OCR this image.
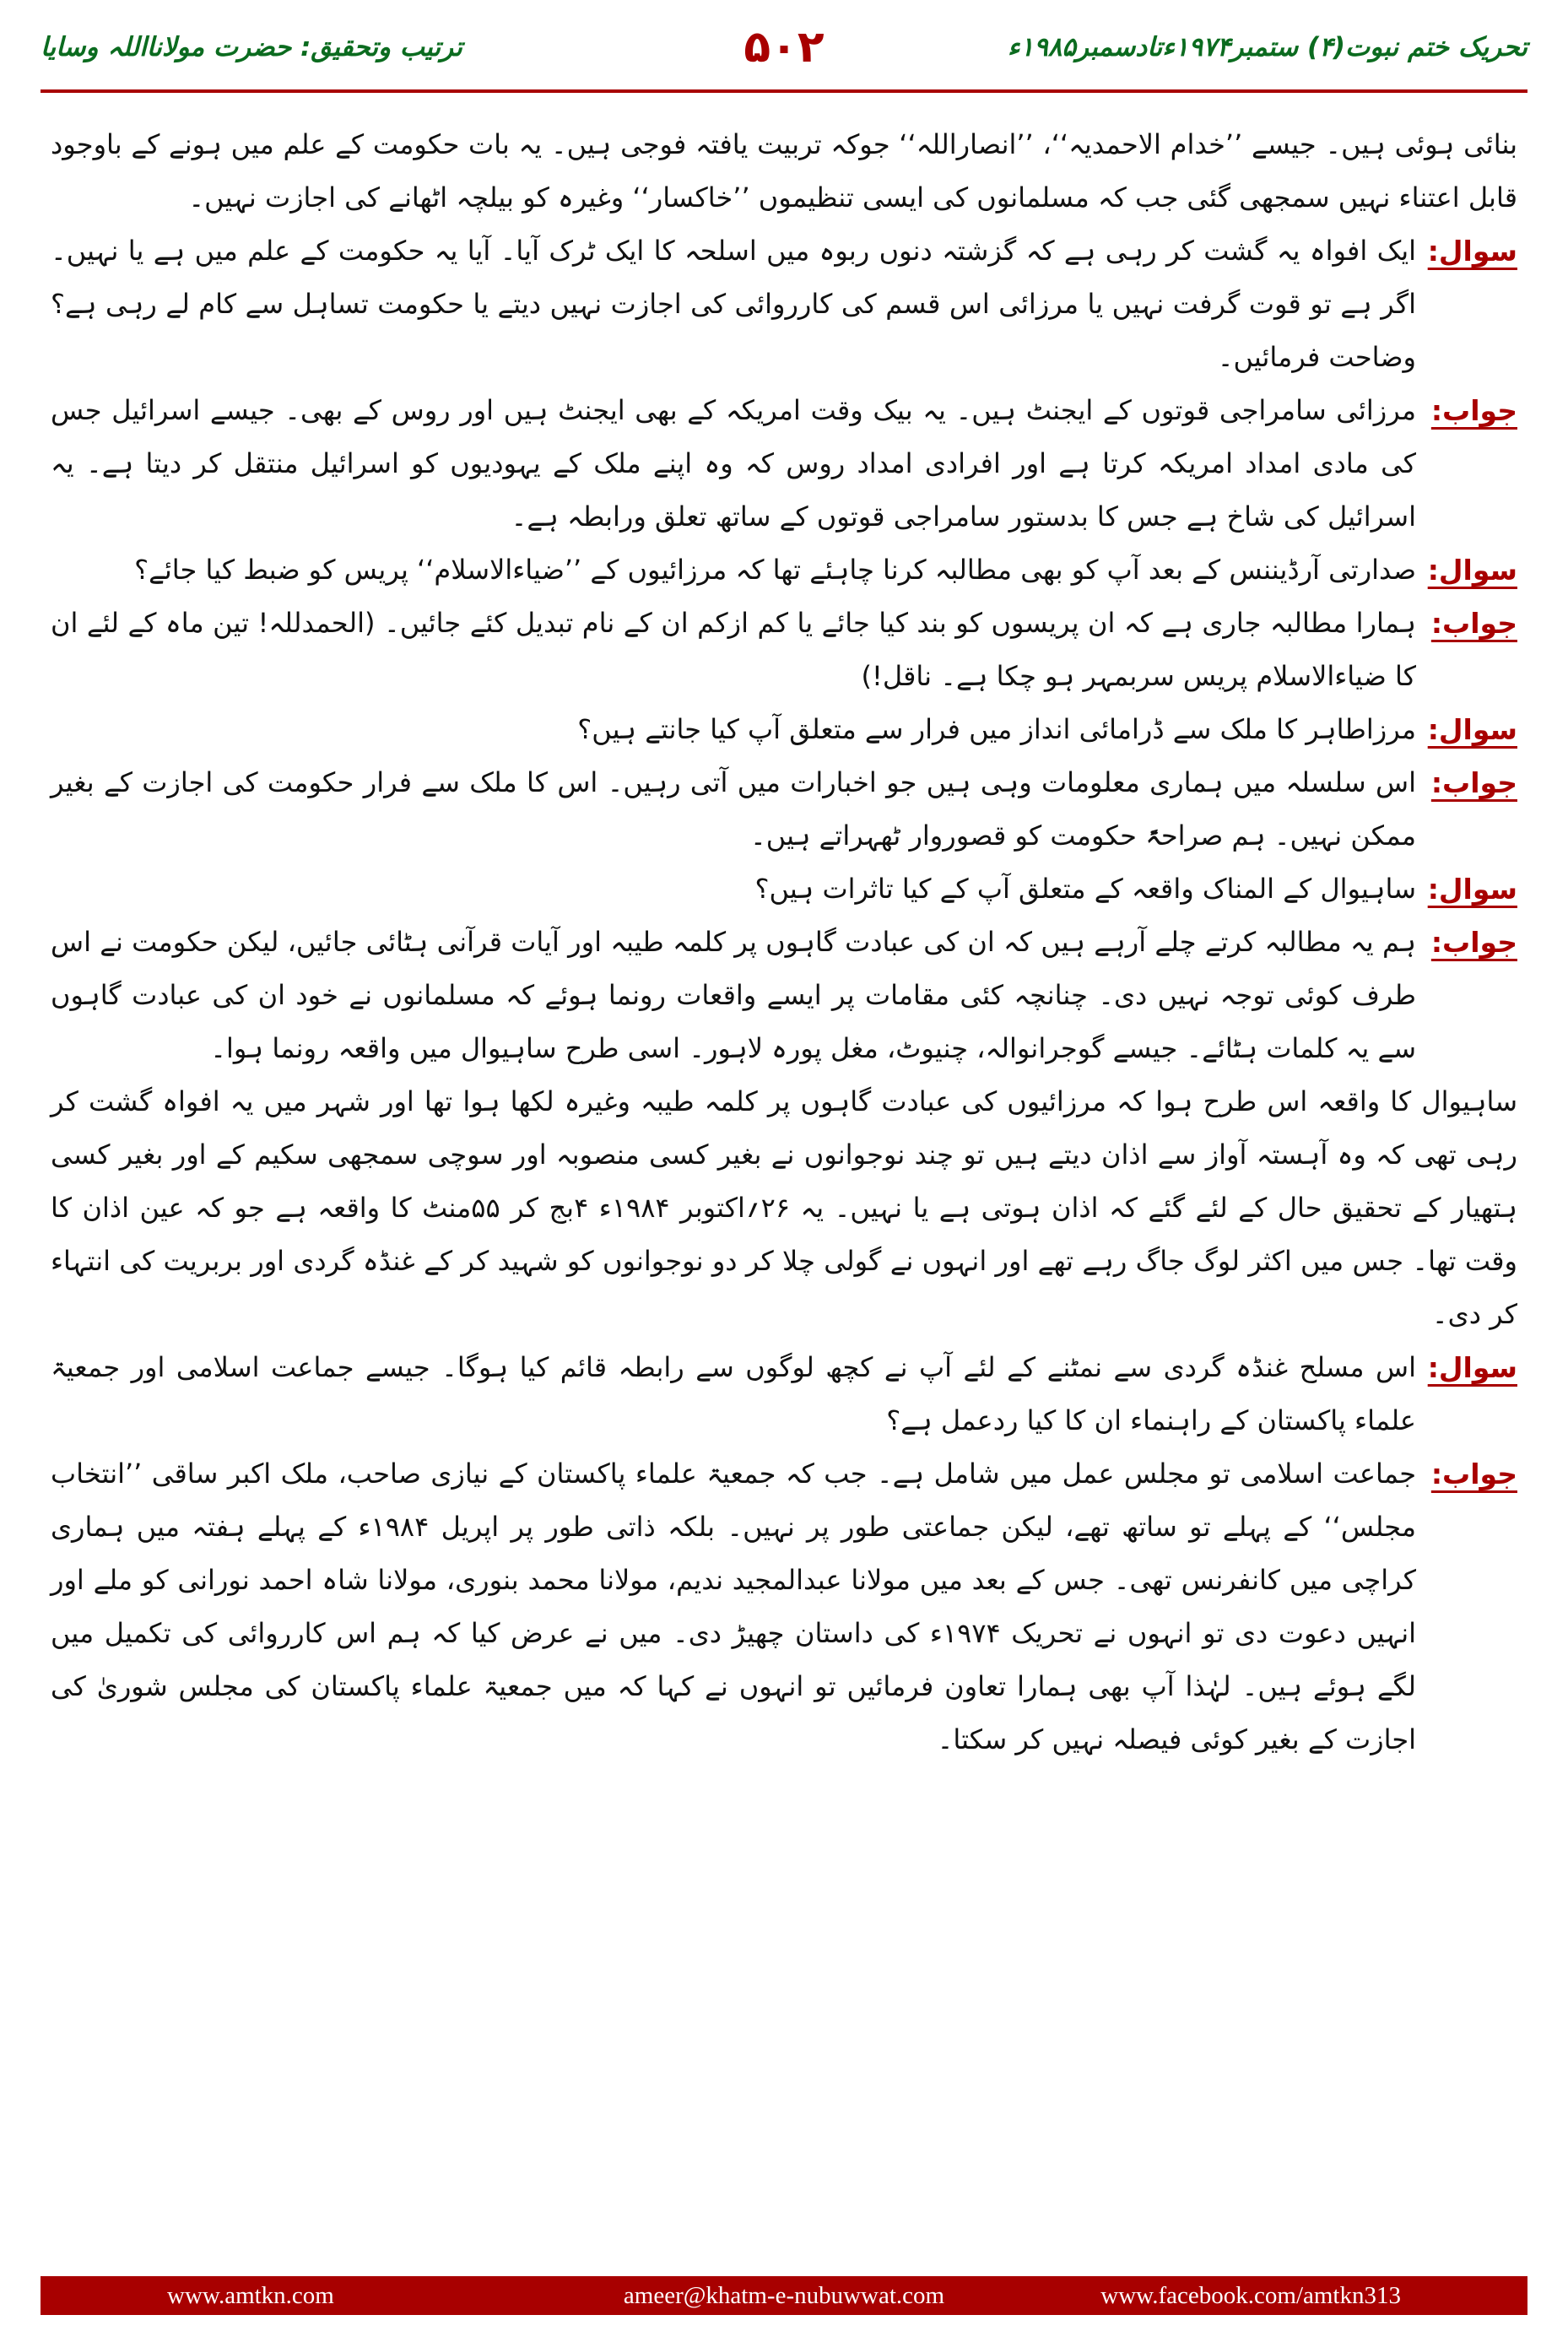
تحریک ختم نبوت(۴) ستمبر۱۹۷۴ءتادسمبر۱۹۸۵ء
۵۰۲
ترتیب وتحقیق: حضرت مولانااللہ وسایا
بنائی ہوئی ہیں۔ جیسے ’’خدام الاحمدیہ‘‘، ’’انصاراللہ‘‘ جوکہ تربیت یافتہ فوجی ہیں۔ یہ بات حکومت کے علم میں ہونے کے باوجود قابل اعتناء نہیں سمجھی گئی جب کہ مسلمانوں کی ایسی تنظیموں ’’خاکسار‘‘ وغیرہ کو بیلچہ اٹھانے کی اجازت نہیں۔
سوال:
ایک افواہ یہ گشت کر رہی ہے کہ گزشتہ دنوں ربوہ میں اسلحہ کا ایک ٹرک آیا۔ آیا یہ حکومت کے علم میں ہے یا نہیں۔ اگر ہے تو قوت گرفت نہیں یا مرزائی اس قسم کی کارروائی کی اجازت نہیں دیتے یا حکومت تساہل سے کام لے رہی ہے؟ وضاحت فرمائیں۔
جواب:
مرزائی سامراجی قوتوں کے ایجنٹ ہیں۔ یہ بیک وقت امریکہ کے بھی ایجنٹ ہیں اور روس کے بھی۔ جیسے اسرائیل جس کی مادی امداد امریکہ کرتا ہے اور افرادی امداد روس کہ وہ اپنے ملک کے یہودیوں کو اسرائیل منتقل کر دیتا ہے۔ یہ اسرائیل کی شاخ ہے جس کا بدستور سامراجی قوتوں کے ساتھ تعلق ورابطہ ہے۔
سوال:
صدارتی آرڈیننس کے بعد آپ کو بھی مطالبہ کرنا چاہئے تھا کہ مرزائیوں کے ’’ضیاءالاسلام‘‘ پریس کو ضبط کیا جائے؟
جواب:
ہمارا مطالبہ جاری ہے کہ ان پریسوں کو بند کیا جائے یا کم ازکم ان کے نام تبدیل کئے جائیں۔ (الحمدللہ! تین ماہ کے لئے ان کا ضیاءالاسلام پریس سربمہر ہو چکا ہے۔ ناقل!)
سوال:
مرزاطاہر کا ملک سے ڈرامائی انداز میں فرار سے متعلق آپ کیا جانتے ہیں؟
جواب:
اس سلسلہ میں ہماری معلومات وہی ہیں جو اخبارات میں آتی رہیں۔ اس کا ملک سے فرار حکومت کی اجازت کے بغیر ممکن نہیں۔ ہم صراحۃً حکومت کو قصوروار ٹھہراتے ہیں۔
سوال:
ساہیوال کے المناک واقعہ کے متعلق آپ کے کیا تاثرات ہیں؟
جواب:
ہم یہ مطالبہ کرتے چلے آرہے ہیں کہ ان کی عبادت گاہوں پر کلمہ طیبہ اور آیات قرآنی ہٹائی جائیں، لیکن حکومت نے اس طرف کوئی توجہ نہیں دی۔ چنانچہ کئی مقامات پر ایسے واقعات رونما ہوئے کہ مسلمانوں نے خود ان کی عبادت گاہوں سے یہ کلمات ہٹائے۔ جیسے گوجرانوالہ، چنیوٹ، مغل پورہ لاہور۔ اسی طرح ساہیوال میں واقعہ رونما ہوا۔
ساہیوال کا واقعہ اس طرح ہوا کہ مرزائیوں کی عبادت گاہوں پر کلمہ طیبہ وغیرہ لکھا ہوا تھا اور شہر میں یہ افواہ گشت کر رہی تھی کہ وہ آہستہ آواز سے اذان دیتے ہیں تو چند نوجوانوں نے بغیر کسی منصوبہ اور سوچی سمجھی سکیم کے اور بغیر کسی ہتھیار کے تحقیق حال کے لئے گئے کہ اذان ہوتی ہے یا نہیں۔ یہ ۲۶؍اکتوبر ۱۹۸۴ء ۴بج کر ۵۵منٹ کا واقعہ ہے جو کہ عین اذان کا وقت تھا۔ جس میں اکثر لوگ جاگ رہے تھے اور انہوں نے گولی چلا کر دو نوجوانوں کو شہید کر کے غنڈہ گردی اور بربریت کی انتہاء کر دی۔
سوال:
اس مسلح غنڈہ گردی سے نمٹنے کے لئے آپ نے کچھ لوگوں سے رابطہ قائم کیا ہوگا۔ جیسے جماعت اسلامی اور جمعیۃ علماء پاکستان کے راہنماء ان کا کیا ردعمل ہے؟
جواب:
جماعت اسلامی تو مجلس عمل میں شامل ہے۔ جب کہ جمعیۃ علماء پاکستان کے نیازی صاحب، ملک اکبر ساقی ’’انتخاب مجلس‘‘ کے پہلے تو ساتھ تھے، لیکن جماعتی طور پر نہیں۔ بلکہ ذاتی طور پر اپریل ۱۹۸۴ء کے پہلے ہفتہ میں ہماری کراچی میں کانفرنس تھی۔ جس کے بعد میں مولانا عبدالمجید ندیم، مولانا محمد بنوری، مولانا شاہ احمد نورانی کو ملے اور انہیں دعوت دی تو انہوں نے تحریک ۱۹۷۴ء کی داستان چھیڑ دی۔ میں نے عرض کیا کہ ہم اس کارروائی کی تکمیل میں لگے ہوئے ہیں۔ لہٰذا آپ بھی ہمارا تعاون فرمائیں تو انہوں نے کہا کہ میں جمعیۃ علماء پاکستان کی مجلس شوریٰ کی اجازت کے بغیر کوئی فیصلہ نہیں کر سکتا۔
www.amtkn.com	ameer@khatm-e-nubuwwat.com	www.facebook.com/amtkn313
